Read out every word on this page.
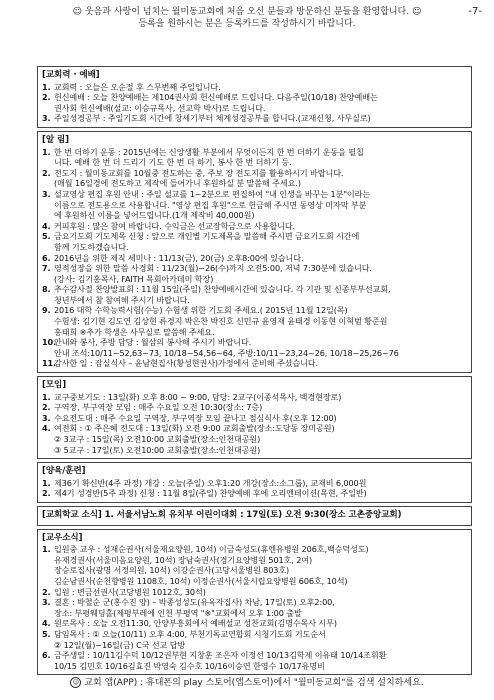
☺ 웃음과 사랑이 넘치는 월미동교회에 처음 오신 분들과 방문하신 분들을 환영합니다. ☺	-7-
등록을 원하시는 분은 등록카드를 작성하시기 바랍니다.
[교회력 · 예배]
1. 교회력 : 오늘은 오순절 후 스무번째 주일입니다.
2. 헌신예배 : 오늘 찬양예배는 제104권사회 헌신예배로 드립니다. 다음주일(10/18) 찬양예배는
권사회 헌신예배(설교: 이승규목사, 선교학 박사)로 드립니다.
3. 주일성경공부 : 주일기도회 시간에 창세기부터 체계성경공부를 합니다.(교재신청, 사무실로)
[알 림]
1. 한 번 더하기 운동 : 2015년에는 신앙생활 부분에서 무엇이든지 한 번 더하기 운동을 펼칩
니다. 예배 한 번 더 드리기 기도 한 번 더 하기, 봉사 한 번 더하기 등.
2. 전도지 : 월미동교회를 10월중 전도하는 중, 주보 장 전도지를 활용하시기 바랍니다.
(매월 16일경에 전도하고 제작에 들어가니 후원하실 분 말씀해 주세요.)
3. 설교영상 편집 후원 안내 : 주일 설교를 1~2분으로 편집하여 "내 인생을 바꾸는 1분"이라는
이름으로 전도용으로 사용합니다. "영상 편집 후원"으로 헌금해 주시면 동영상 미자막 부분
에 후원하신 이름을 넣어드립니다.(1개 제작비 40,000원)
4. 커피후원 : 많은 참여 바랍니다. 수익금은 선교장학금으로 사용합니다.
5. 금요기도회 기도제목 신청 : 앞으로 개인별 기도제목을 말씀해 주시면 금요기도회 시간에
함께 기도하겠습니다.
6. 2016년을 위한 제직 세미나 : 11/13(금), 20(금) 오후8:00에 있습니다.
7. 영적성장을 위한 말씀 사경회 : 11/23(월)~26(수)까지 오전5:00, 저녁 7:30분에 있습니다.
(강사: 김기홍목사, FAITH 목회아카데미 학장)
8. 추수감사절 찬양발표회 : 11월 15일(주일) 찬양예배시간에 있습니다. 각 기관 및 신종부부선교회,
청년부에서 참 참여해 주시기 바랍니다.
9. 2016 대학 수학능력시험(수능) 수험생 위한 기도회 주세요.( 2015년 11월 12일(목)
수험생: 김기현 김도연 김상현 류경지 박은찬 박진호 신민규 윤영재 윤태경 이동현 이혁범 황준원
홍태희 ※추가 학생은 사무실로 말씀해 주세요.
10.
안내와 봉사, 주방 담당 : 월삼의 봉사해 주시기 바랍니다.
안내 조석:10/11~52,63~73, 10/18~54,56~64, 주방:10/11~23,24~26, 10/18~25,26~76
11.
감사한 일 : 잠실식사 – 윤남현집사(황성현권사)가정에서 준비해 주셨습니다.
[모임]
1. 교구중보기도 : 13일(화) 오후 8:00 ~ 9:00, 담당: 2교구(이종석목사, 백경현장로)
2. 구역장, 부구역장 모임 : 매주 수요일 오전 10:30(장소: 7층)
3. 수요전도대 : 매주 수요일 구역장, 부구역장 모임 끝나고 점심식사 후(오후 12:00)
4. 여전회 : ① 주은혜 전도대 : 13일(화) 오전 9:00 교회출발(장소:도당동 장미공원)
② 3교구 : 15일(목) 오전10:00 교회출발(장소:인천대공원)
③ 5교구 : 17일(토) 오전10:00 교회출발(장소:인천대공원)
[양육/훈련]
1. 제36기 확신반(4주 과정) 개강 : 오늘(주일) 오후1:20 개강(장소:소그룹), 교재비 6,000원
2. 제4기 성경반(5주 과정) 신청 : 11월 8일(주일) 찬양예배 후에 오리엔테이션(목현, 주일반)
[교회학교 소식] 1. 서울서남노회 유치부 어린이대회 : 17일(토) 오전 9:30(장소 고촌중앙교회)
[교우소식]
1. 입원중 교우 : 성재순권사(서울재요양원, 10석) 이금숙성도(휴엔유병원 206호,백승덕성도)
유재경권사(서울미음요양원, 10석) 장남숙권사(경기요양병원 501호, 2여)
장승로집사(광명 서정의원, 10석) 이강순권사(고당서울병원 803호)
김순남권사(순천향병원 1108호, 10석) 이정순권사(서울시립요양병원 606호, 10석)
2. 입원 : 변금선권사(고당병원 1012호, 30석)
3. 결혼 : 박철순 군(홍수진 양) – 박종성성도(유옥자집사) 차남, 17일(토) 오후2:00,
장소: 부평웨딩홀(제평부레에 인천 부평역 "※"교회에서 오후 1:00 출발
4. 원로목사 : 오늘 오전11:30, 안양부흥회에서 예배설교 성찬교회(김명수목사 시무)
5. 담임목사 : ① 오늘(10/11) 오후 4:00, 부천기독교연합회 시청기도회 기도순서
② 12일(월)~16일(금) C국 선교 답방
6. 금주생일 : 10/11김수덕 10/12권부현 지창훈 조은자 이정선 10/13김학제 이유태 10/14조휘환
10/15 김민호 10/16김효진 박영숙 김수호 10/16이승연 한영수 10/17유명비
☺ 교회 앱(APP) : 휴대폰의 play 스토어(앱스토어)에서 "월미동교회"를 검색 설치하세요.
